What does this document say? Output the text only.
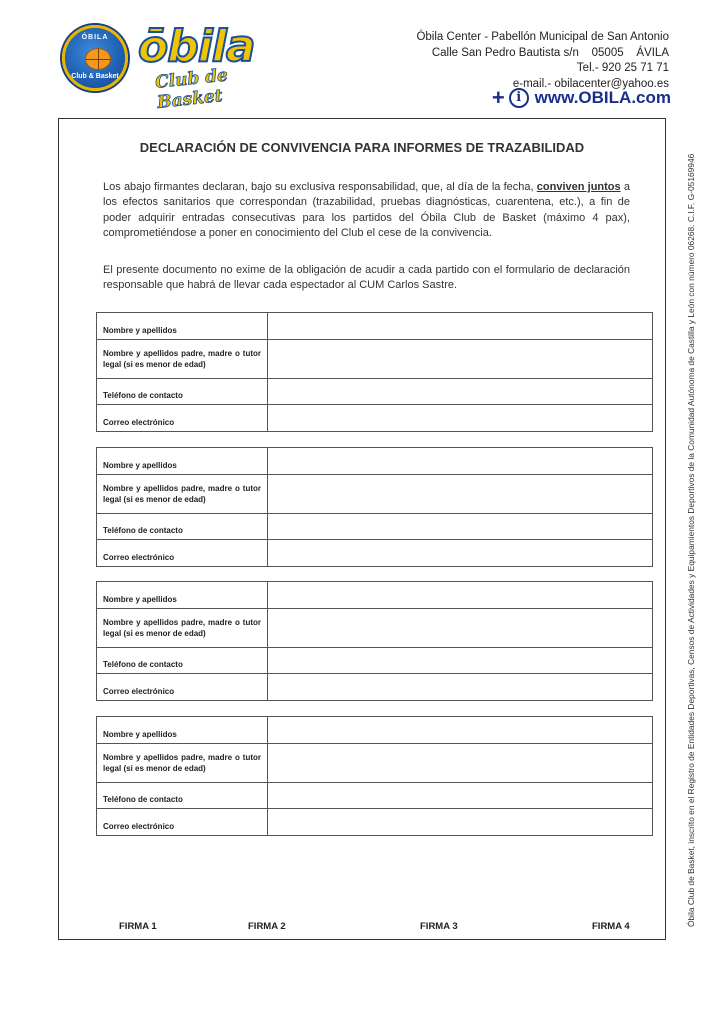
ÓBILA
Club & Basket
ōbila
Club de Basket
Óbila Center - Pabellón Municipal de San Antonio
Calle San Pedro Bautista s/n    05005    ÁVILA
Tel.- 920 25 71 71
e-mail.- obilacenter@yahoo.es
+ i www.OBILA.com
DECLARACIÓN DE CONVIVENCIA PARA INFORMES DE TRAZABILIDAD

Los abajo firmantes declaran, bajo su exclusiva responsabilidad, que, al día de la fecha, conviven juntos a los efectos sanitarios que correspondan (trazabilidad, pruebas diagnósticas, cuarentena, etc.), a fin de poder adquirir entradas consecutivas para los partidos del Óbila Club de Basket (máximo 4 pax), comprometiéndose a poner en conocimiento del Club el cese de la convivencia.

El presente documento no exime de la obligación de acudir a cada partido con el formulario de declaración responsable que habrá de llevar cada espectador al CUM Carlos Sastre.

Nombre y apellidos
Nombre y apellidos padre, madre o tutor legal (si es menor de edad)
Teléfono de contacto
Correo electrónico
Nombre y apellidos
Nombre y apellidos padre, madre o tutor legal (si es menor de edad)
Teléfono de contacto
Correo electrónico
Nombre y apellidos
Nombre y apellidos padre, madre o tutor legal (si es menor de edad)
Teléfono de contacto
Correo electrónico
Nombre y apellidos
Nombre y apellidos padre, madre o tutor legal (si es menor de edad)
Teléfono de contacto
Correo electrónico
FIRMA 1	FIRMA 2	FIRMA 3	FIRMA 4	Óbila Club de Basket, inscrito en el Registro de Entidades Deportivas, Censos de Actividades y Equipamientos Deportivos de la Comunidad Autónoma de Castilla y León con número 06268. C.I.F. G-05169946
